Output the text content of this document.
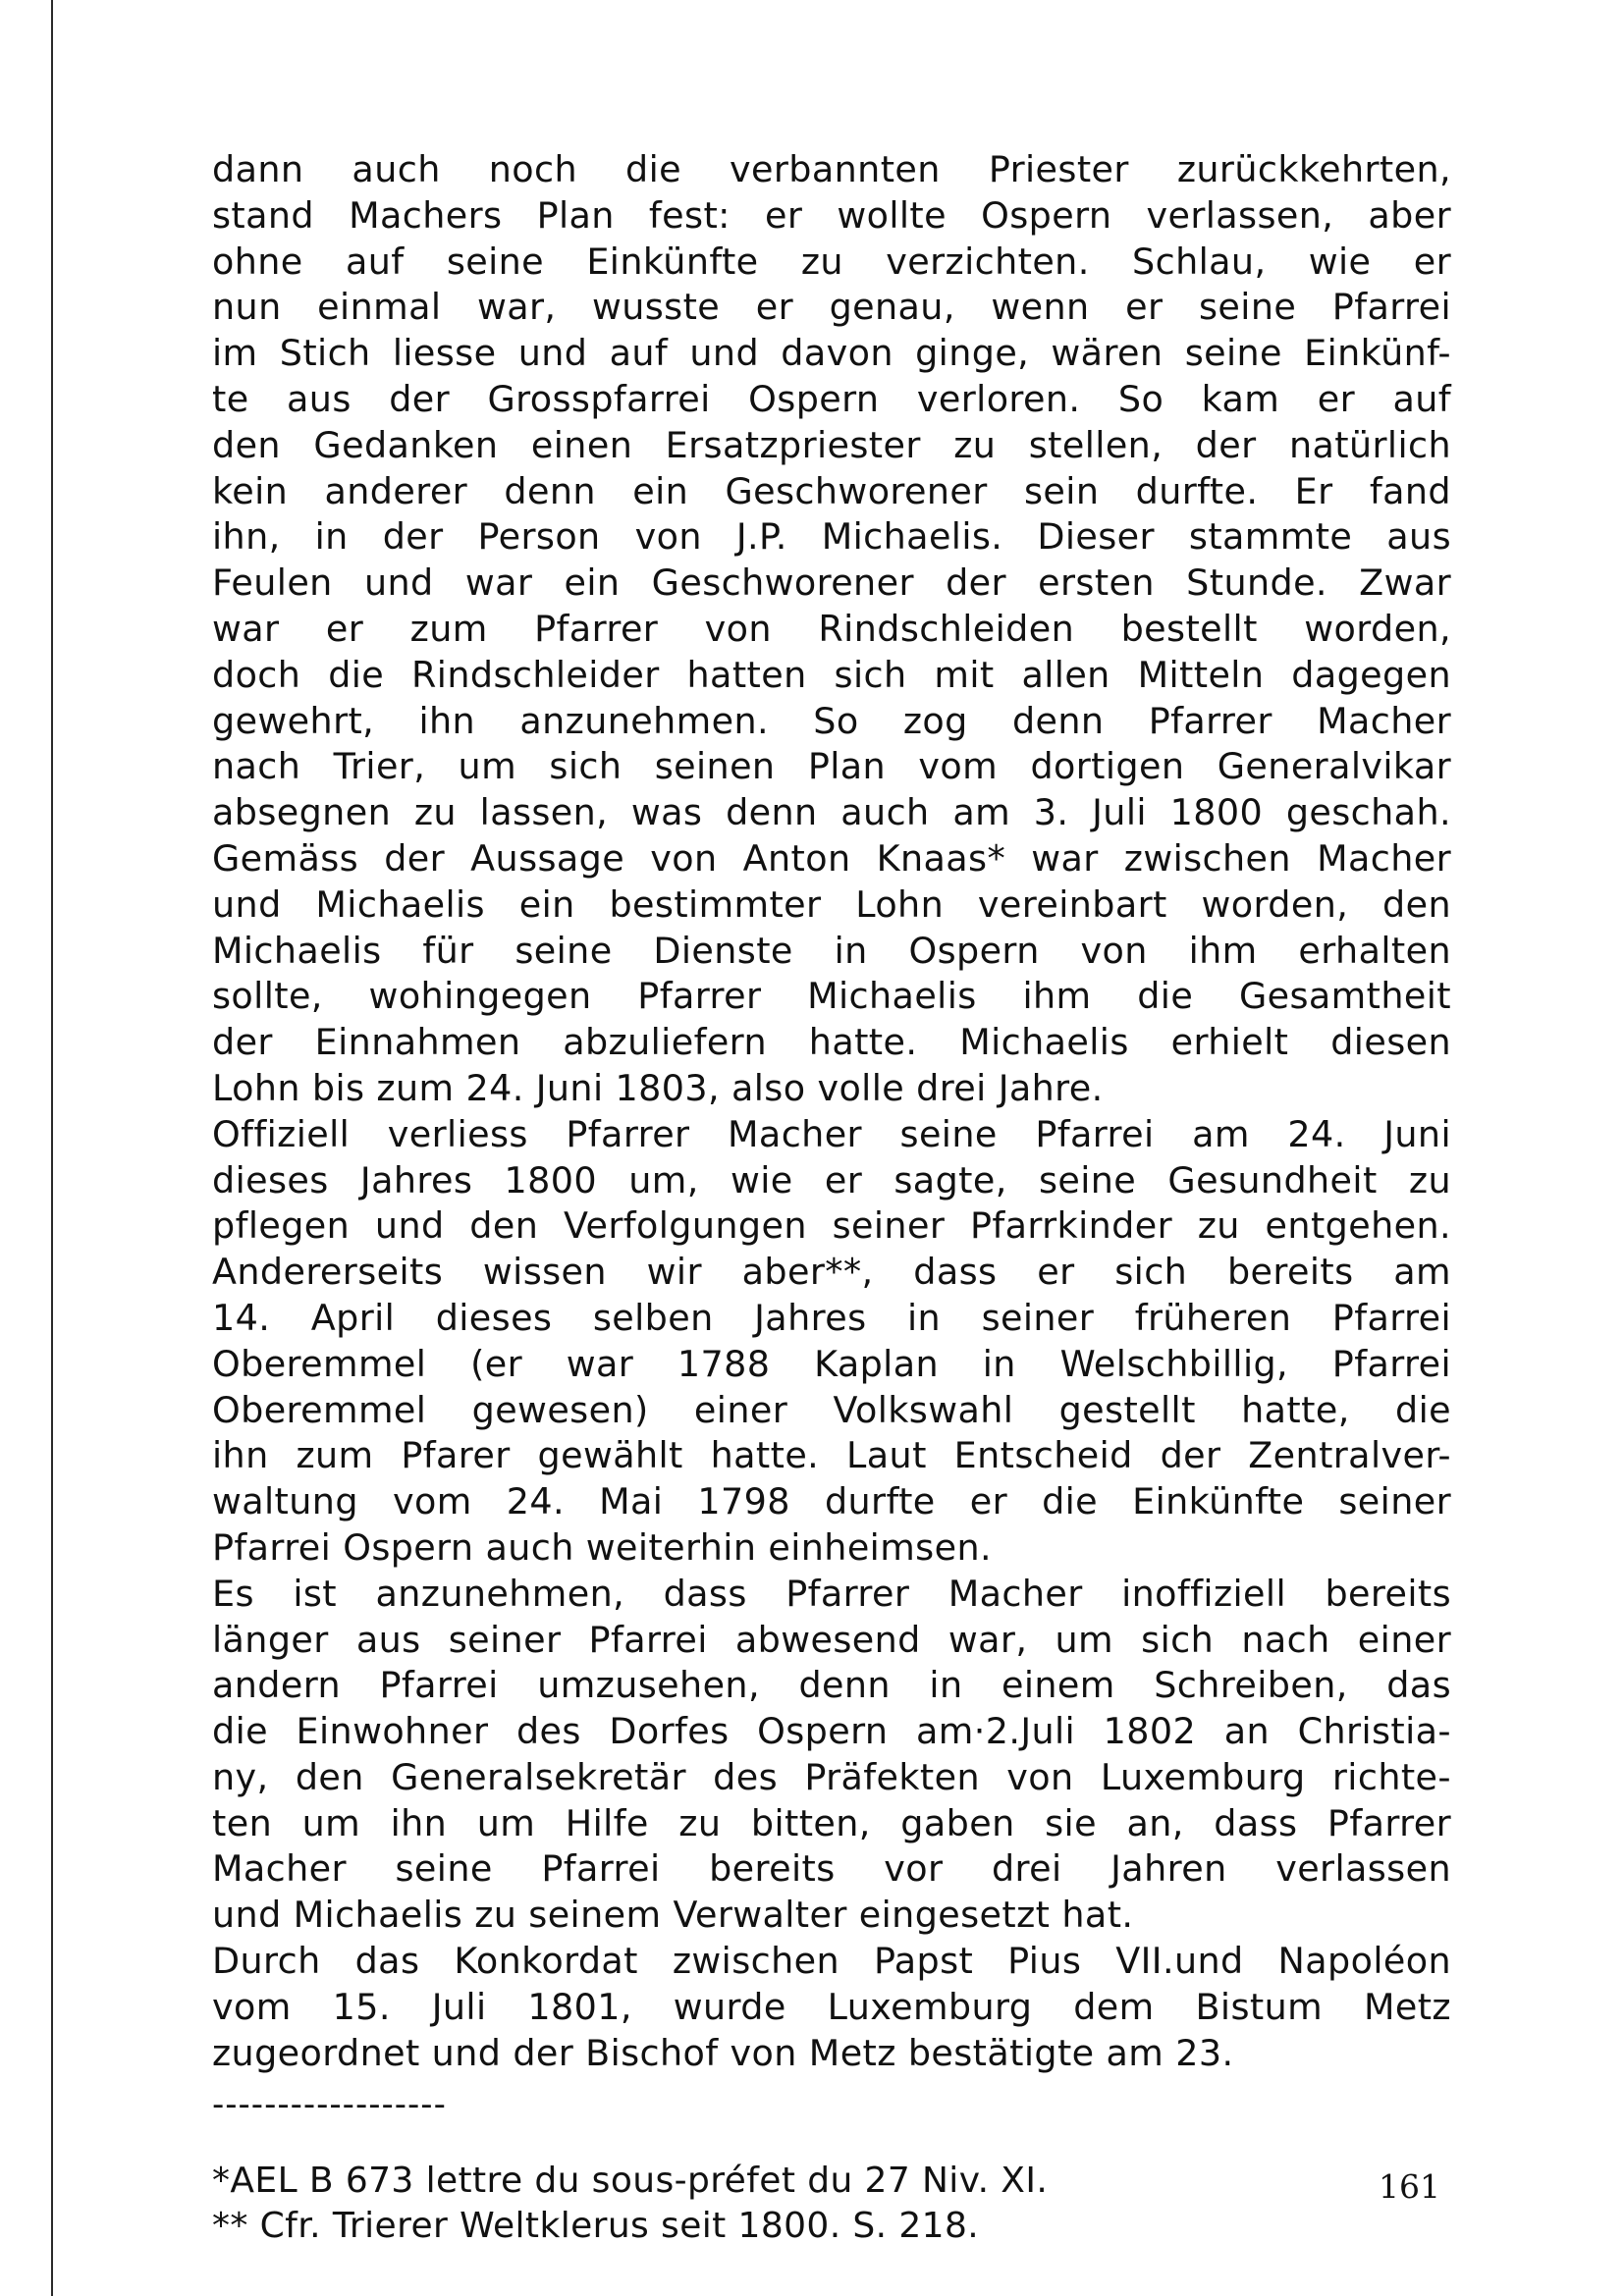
dann auch noch die verbannten Priester zurückkehrten,
stand Machers Plan fest: er wollte Ospern verlassen, aber
ohne auf seine Einkünfte zu verzichten. Schlau, wie er
nun einmal war, wusste er genau, wenn er seine Pfarrei
im Stich liesse und auf und davon ginge, wären seine Einkünf-
te aus der Grosspfarrei Ospern verloren. So kam er auf
den Gedanken einen Ersatzpriester zu stellen, der natürlich
kein anderer denn ein Geschworener sein durfte. Er fand
ihn, in der Person von J.P. Michaelis. Dieser stammte aus
Feulen und war ein Geschworener der ersten Stunde. Zwar
war er zum Pfarrer von Rindschleiden bestellt worden,
doch die Rindschleider hatten sich mit allen Mitteln dagegen
gewehrt, ihn anzunehmen. So zog denn Pfarrer Macher
nach Trier, um sich seinen Plan vom dortigen Generalvikar
absegnen zu lassen, was denn auch am 3. Juli 1800 geschah.
Gemäss der Aussage von Anton Knaas* war zwischen Macher
und Michaelis ein bestimmter Lohn vereinbart worden, den
Michaelis für seine Dienste in Ospern von ihm erhalten
sollte, wohingegen Pfarrer Michaelis ihm die Gesamtheit
der Einnahmen abzuliefern hatte. Michaelis erhielt diesen
Lohn bis zum 24. Juni 1803, also volle drei Jahre.
Offiziell verliess Pfarrer Macher seine Pfarrei am 24. Juni
dieses Jahres 1800 um, wie er sagte, seine Gesundheit zu
pflegen und den Verfolgungen seiner Pfarrkinder zu entgehen.
Andererseits wissen wir aber**, dass er sich bereits am
14. April dieses selben Jahres in seiner früheren Pfarrei
Oberemmel (er war 1788 Kaplan in Welschbillig, Pfarrei
Oberemmel gewesen) einer Volkswahl gestellt hatte, die
ihn zum Pfarer gewählt hatte. Laut Entscheid der Zentralver-
waltung vom 24. Mai 1798 durfte er die Einkünfte seiner
Pfarrei Ospern auch weiterhin einheimsen.
Es ist anzunehmen, dass Pfarrer Macher inoffiziell bereits
länger aus seiner Pfarrei abwesend war, um sich nach einer
andern Pfarrei umzusehen, denn in einem Schreiben, das
die Einwohner des Dorfes Ospern am·2.Juli 1802 an Christia-
ny, den Generalsekretär des Präfekten von Luxemburg richte-
ten um ihn um Hilfe zu bitten, gaben sie an, dass Pfarrer
Macher seine Pfarrei bereits vor drei Jahren verlassen
und Michaelis zu seinem Verwalter eingesetzt hat.
Durch das Konkordat zwischen Papst Pius VII.und Napoléon
vom 15. Juli 1801, wurde Luxemburg dem Bistum Metz
zugeordnet und der Bischof von Metz bestätigte am 23.
------------------
*AEL B 673 lettre du sous-préfet du 27 Niv. XI.
** Cfr. Trierer Weltklerus seit 1800. S. 218.
161
